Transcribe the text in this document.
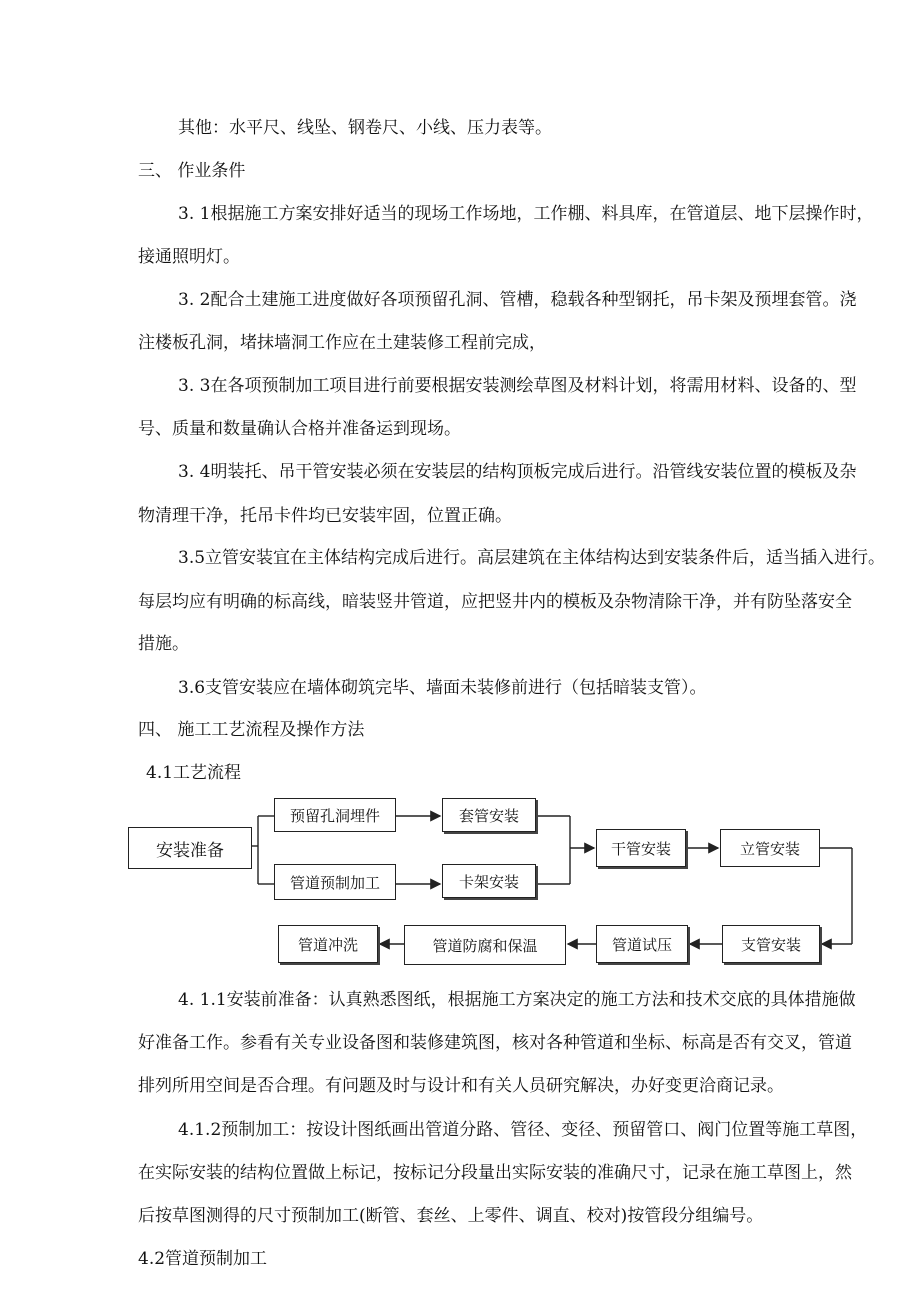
其他：水平尺、线坠、钢卷尺、小线、压力表等。
三、 作业条件
3. 1根据施工方案安排好适当的现场工作场地，工作棚、料具库，在管道层、地下层操作时，
接通照明灯。
3. 2配合土建施工进度做好各项预留孔洞、管槽，稳载各种型钢托，吊卡架及预埋套管。浇
注楼板孔洞，堵抹墙洞工作应在土建装修工程前完成，
3. 3在各项预制加工项目进行前要根据安装测绘草图及材料计划，将需用材料、设备的、型
号、质量和数量确认合格并准备运到现场。
3. 4明装托、吊干管安装必须在安装层的结构顶板完成后进行。沿管线安装位置的模板及杂
物清理干净，托吊卡件均已安装牢固，位置正确。
3.5立管安装宜在主体结构完成后进行。高层建筑在主体结构达到安装条件后，适当插入进行。
每层均应有明确的标高线，暗装竖井管道，应把竖井内的模板及杂物清除干净，并有防坠落安全
措施。
3.6支管安装应在墙体砌筑完毕、墙面未装修前进行（包括暗装支管）。
四、 施工工艺流程及操作方法
4.1工艺流程
安装准备
预留孔洞埋件	套管安装
管道预制加工	卡架安装
干管安装	立管安装
支管安装
管道试压
管道防腐和保温
管道冲洗
4. 1.1安装前准备：认真熟悉图纸，根据施工方案决定的施工方法和技术交底的具体措施做
好准备工作。参看有关专业设备图和装修建筑图，核对各种管道和坐标、标高是否有交叉，管道
排列所用空间是否合理。有问题及时与设计和有关人员研究解决，办好变更洽商记录。
4.1.2预制加工：按设计图纸画出管道分路、管径、变径、预留管口、阀门位置等施工草图，
在实际安装的结构位置做上标记，按标记分段量出实际安装的准确尺寸，记录在施工草图上，然
后按草图测得的尺寸预制加工(断管、套丝、上零件、调直、校对)按管段分组编号。
4.2管道预制加工
